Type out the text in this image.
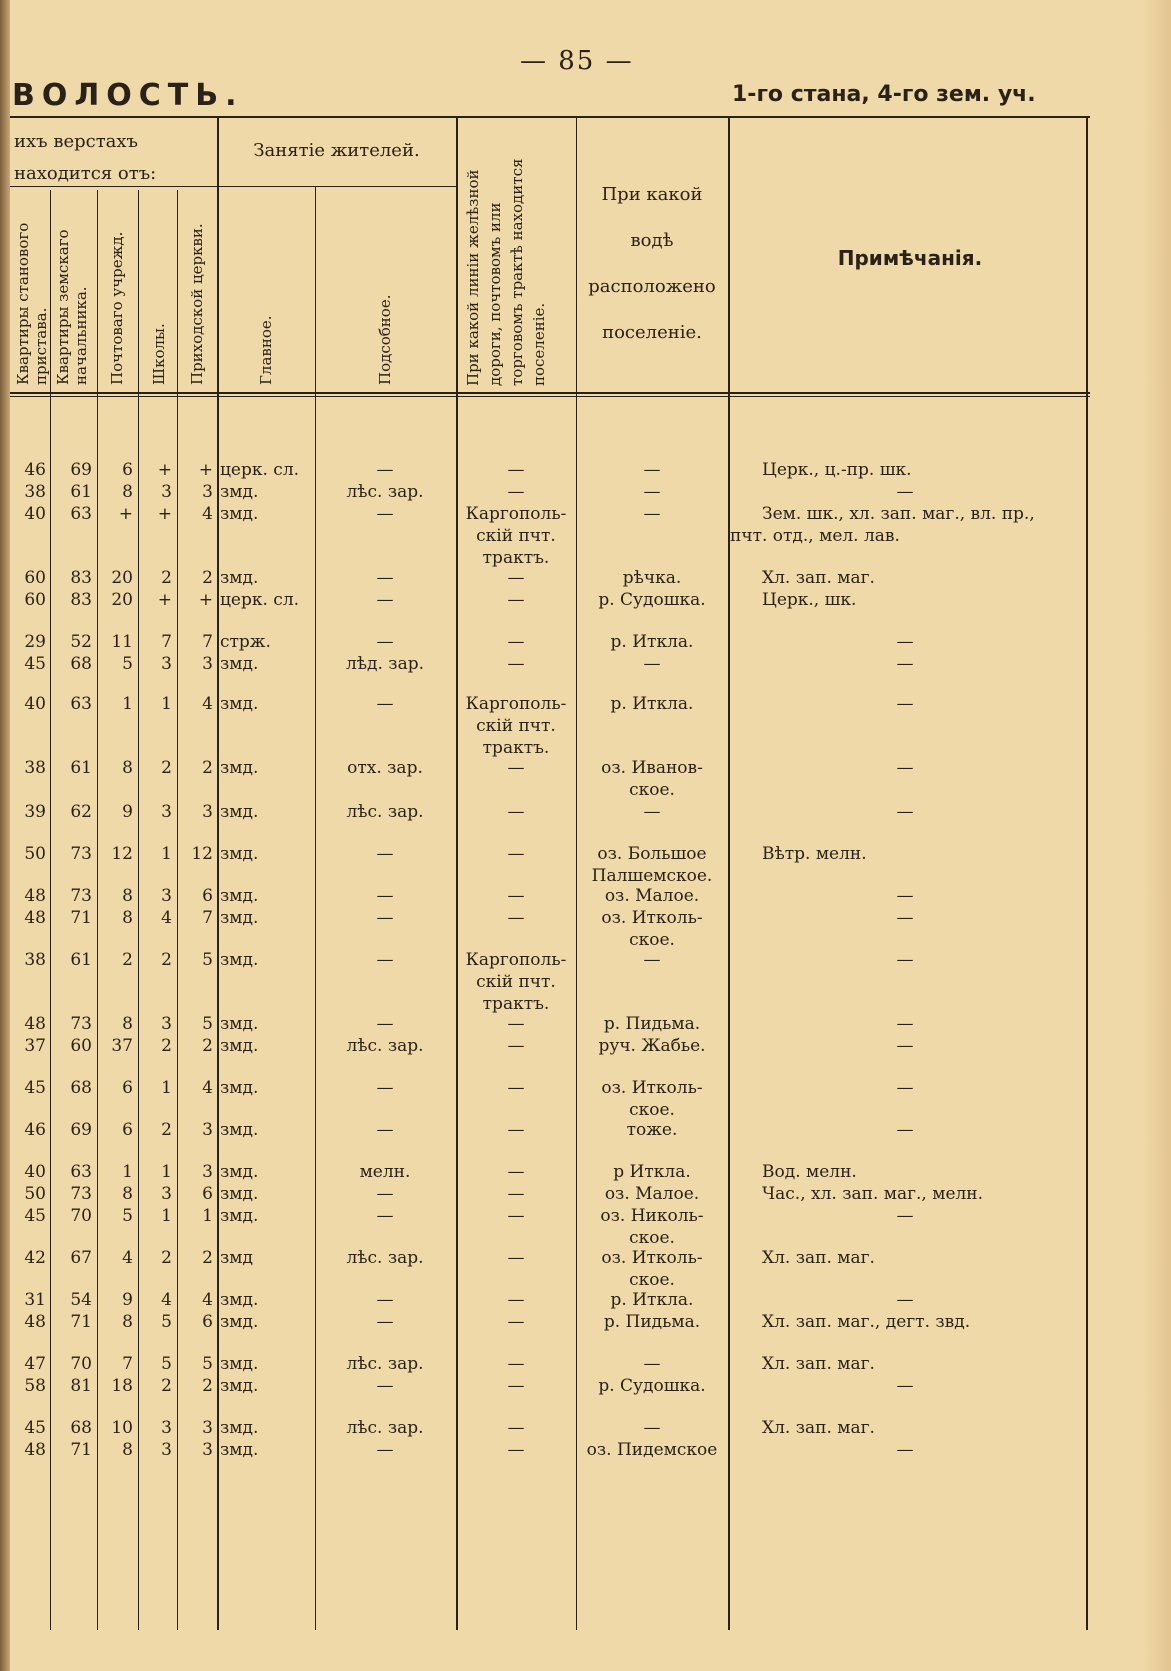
— 85 —
ВОЛОСТЬ.	1-го стана, 4-го зем. уч.
ихъ верстахъ находится отъ:
Квартиры станового пристава. Квартиры земскаго начальника. Почтоваго учрежд. Школы. Приходской церкви.
Занятіе жителей.
Главное.	Подсобное.	При какой линіи желѣзной дороги, почтовомъ или торговомъ трактѣ находится поселеніе.
При какой водѣ расположено поселеніе.
Примѣчанія.
46	69	6	+	+ церк. сл.	—	—	—	Церк., ц.-пр. шк.
38	61	8	3	3 змд.	лѣс. зар.	—	—	—
40	63	+	+	4 змд.	—	Каргополь-
скій пчт.
трактъ.
—	Зем. шк., хл. зап. маг., вл. пр.,
пчт. отд., мел. лав.
60	83	20	2	2 змд.	—	—	рѣчка.	Хл. зап. маг.
60	83	20	+	+ церк. сл.	—	—	р. Судошка.	Церк., шк.
29	52	11	7	7 стрж.	—	—	р. Иткла.	—
45	68	5	3	3 змд.	лѣд. зар.	—	—	—
40	63	1	1	4 змд.	—	Каргополь-
скій пчт.
трактъ.
р. Иткла.	—
38	61	8	2	2 змд.	отх. зар.	—	оз. Иванов-
ское.
—
39	62	9	3	3 змд.	лѣс. зар.	—	—	—
50	73	12	1	12 змд.	—	—	оз. Большое
Палшемское.
Вѣтр. мелн.
48	73	8	3	6 змд.	—	—	оз. Малое.	—
48	71	8	4	7 змд.	—	—	оз. Итколь-
ское.
—
38	61	2	2	5 змд.	—	Каргополь-
скій пчт.
трактъ.
—	—
48	73	8	3	5 змд.	—	—	р. Пидьма.	—
37	60	37	2	2 змд.	лѣс. зар.	—	руч. Жабье.	—
45	68	6	1	4 змд.	—	—	оз. Итколь-
ское.
—
46	69	6	2	3 змд.	—	—	тоже.	—
40	63	1	1	3 змд.	мелн.	—	р Иткла.	Вод. мелн.
50	73	8	3	6 змд.	—	—	оз. Малое.	Час., хл. зап. маг., мелн.
45	70	5	1	1 змд.	—	—	оз. Николь-
ское.
—
42	67	4	2	2 змд	лѣс. зар.	—	оз. Итколь-
ское.
Хл. зап. маг.
31	54	9	4	4 змд.	—	—	р. Иткла.	—
48	71	8	5	6 змд.	—	—	р. Пидьма.	Хл. зап. маг., дегт. звд.
47	70	7	5	5 змд.	лѣс. зар.	—	—	Хл. зап. маг.
58	81	18	2	2 змд.	—	—	р. Судошка.	—
45	68	10	3	3 змд.	лѣс. зар.	—	—	Хл. зап. маг.
48	71	8	3	3 змд.	—	—	оз. Пидемское	—
